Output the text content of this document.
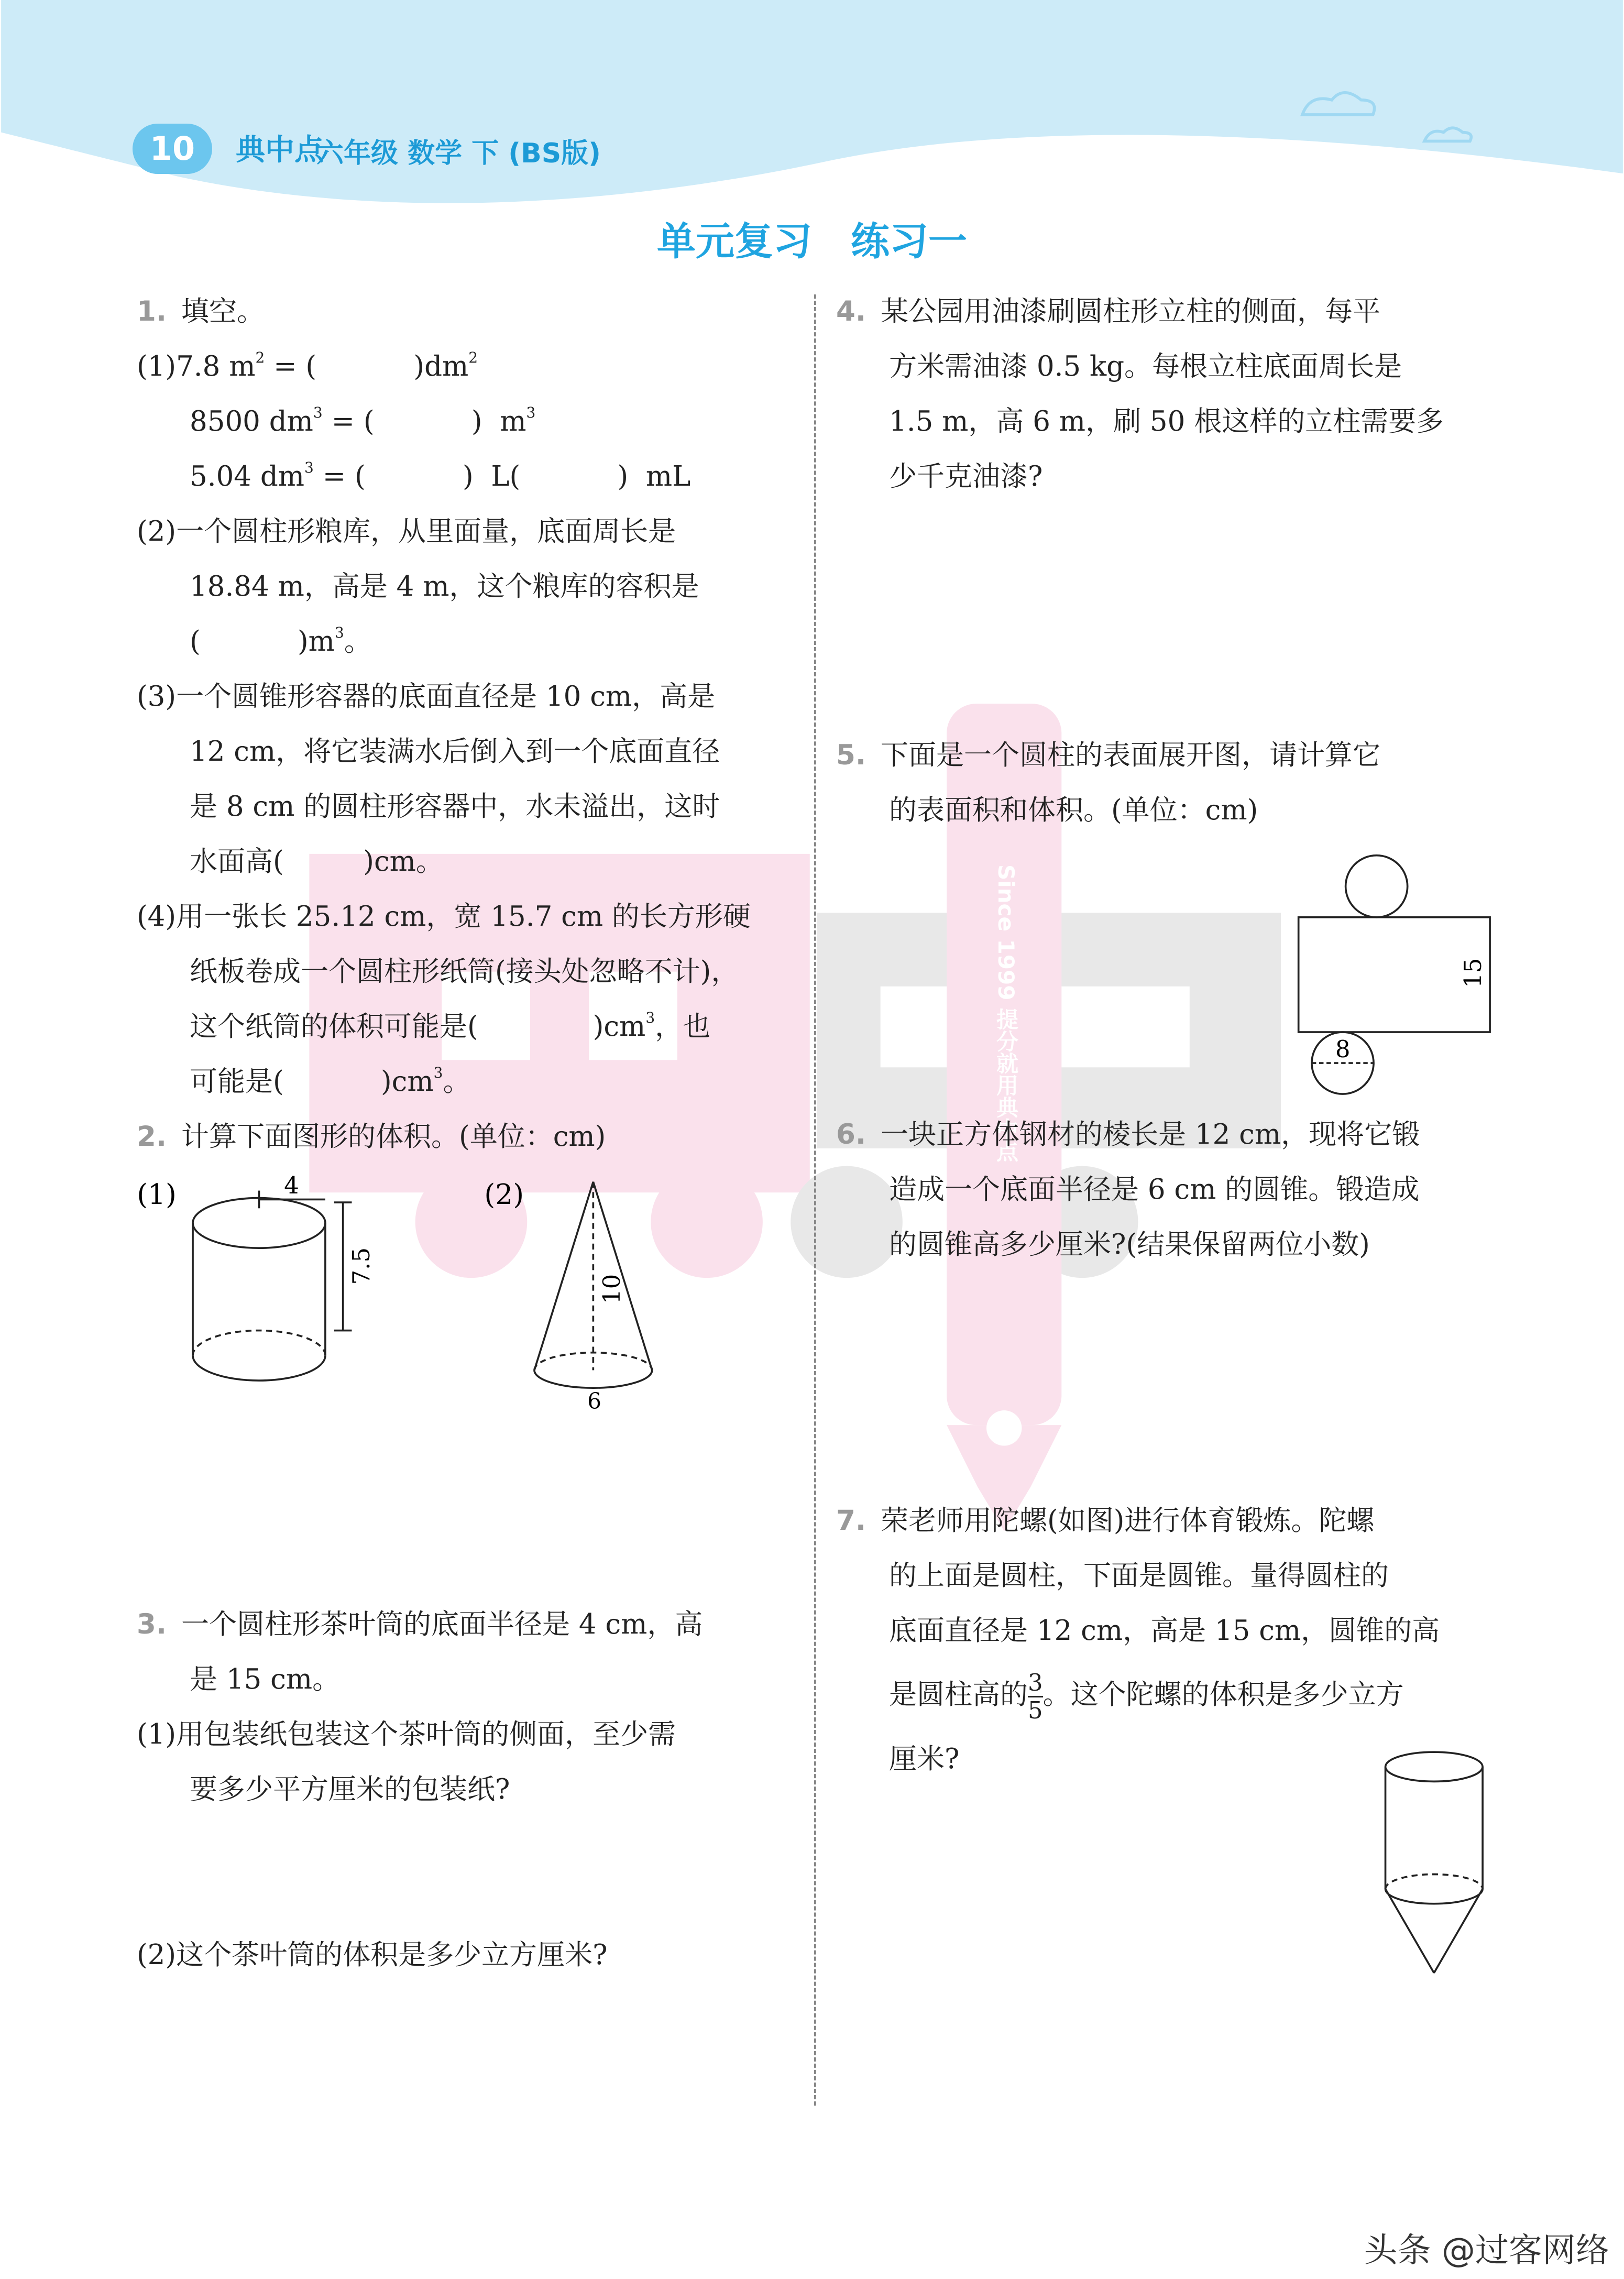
10	典中点
六年级 数学 下 (BS版)
单元复习　练习一
Since 1999 提分就用典中点
1. 填空。
(1)7.8 $m^2$ = (           )$dm^2$
8500 $dm^3$ = (           )  $m^3$
5.04 $dm^3$ = (           )  L(           )  mL
(2)一个圆柱形粮库，从里面量，底面周长是
18.84 m，高是 4 m，这个粮库的容积是
(           )$m^3$。
(3)一个圆锥形容器的底面直径是 10 cm，高是
12 cm，将它装满水后倒入到一个底面直径
是 8 cm 的圆柱形容器中，水未溢出，这时
水面高(         )cm。
(4)用一张长 25.12 cm，宽 15.7 cm 的长方形硬
纸板卷成一个圆柱形纸筒(接头处忽略不计)，
这个纸筒的体积可能是(             )$cm^3$，也
可能是(           )$cm^3$。
2. 计算下面图形的体积。(单位：cm)
(1)	4
7.5
(2)
10
6
3. 一个圆柱形茶叶筒的底面半径是 4 cm，高
是 15 cm。
(1)用包装纸包装这个茶叶筒的侧面，至少需
要多少平方厘米的包装纸?
(2)这个茶叶筒的体积是多少立方厘米?
4. 某公园用油漆刷圆柱形立柱的侧面，每平
方米需油漆 0.5 kg。每根立柱底面周长是
1.5 m，高 6 m，刷 50 根这样的立柱需要多
少千克油漆?
5. 下面是一个圆柱的表面展开图，请计算它
的表面积和体积。(单位：cm)
8
15
6. 一块正方体钢材的棱长是 12 cm，现将它锻
造成一个底面半径是 6 cm 的圆锥。锻造成
的圆锥高多少厘米?(结果保留两位小数)
7. 荣老师用陀螺(如图)进行体育锻炼。陀螺
的上面是圆柱，下面是圆锥。量得圆柱的
底面直径是 12 cm，高是 15 cm，圆锥的高
是圆柱高的 $\frac{3}{5}$ 。这个陀螺的体积是多少立方
厘米?
头条 @过客网络
